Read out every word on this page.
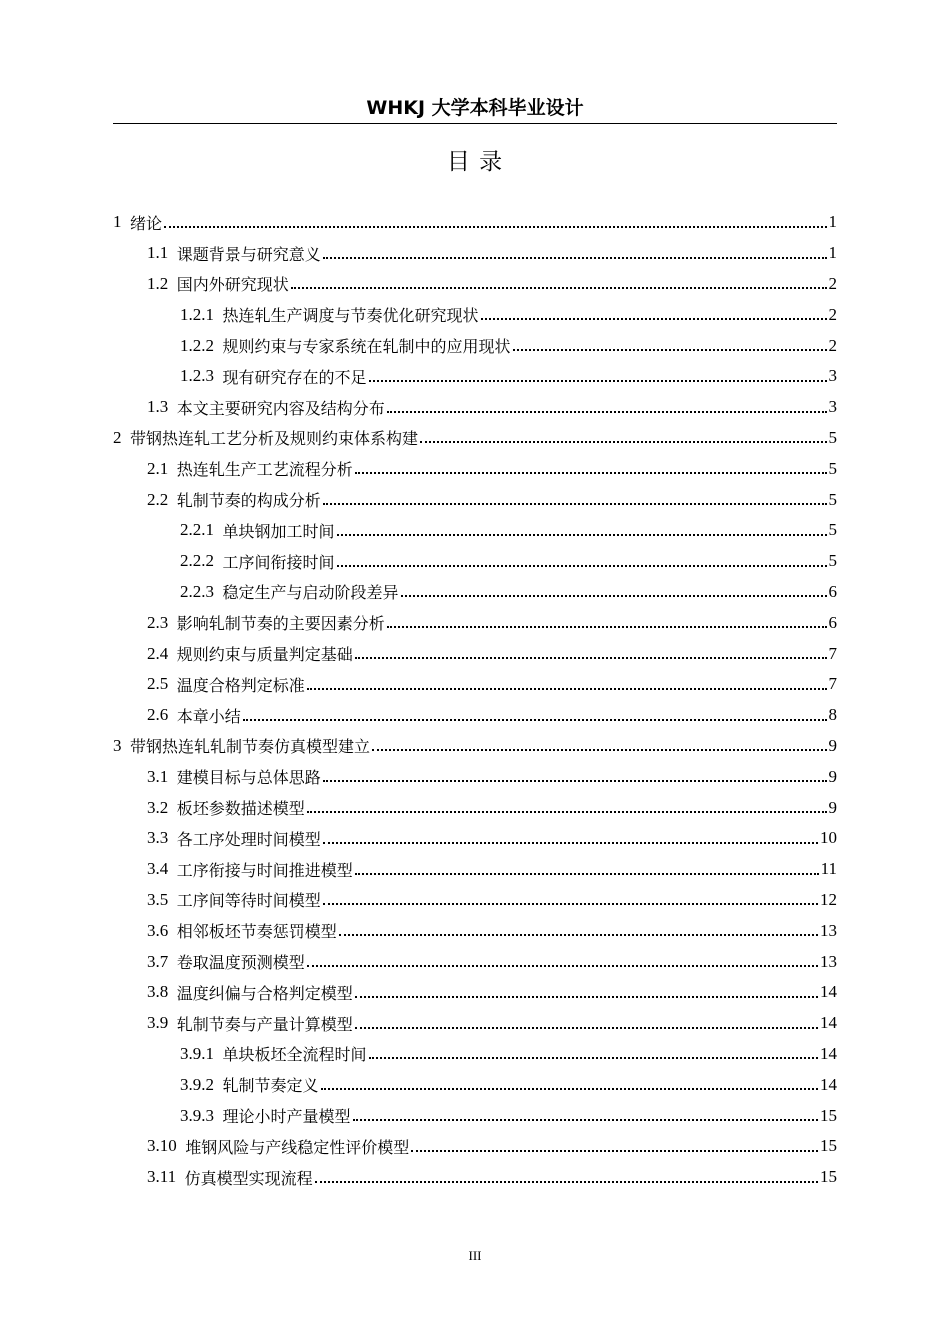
WHKJ 大学本科毕业设计
目 录
1 绪论	1
1.1 课题背景与研究意义	1
1.2 国内外研究现状	2
1.2.1 热连轧生产调度与节奏优化研究现状	2
1.2.2 规则约束与专家系统在轧制中的应用现状	2
1.2.3 现有研究存在的不足	3
1.3 本文主要研究内容及结构分布	3
2 带钢热连轧工艺分析及规则约束体系构建	5
2.1 热连轧生产工艺流程分析	5
2.2 轧制节奏的构成分析	5
2.2.1 单块钢加工时间	5
2.2.2 工序间衔接时间	5
2.2.3 稳定生产与启动阶段差异	6
2.3 影响轧制节奏的主要因素分析	6
2.4 规则约束与质量判定基础	7
2.5 温度合格判定标准	7
2.6 本章小结	8
3 带钢热连轧轧制节奏仿真模型建立	9
3.1 建模目标与总体思路	9
3.2 板坯参数描述模型	9
3.3 各工序处理时间模型	10
3.4 工序衔接与时间推进模型	11
3.5 工序间等待时间模型	12
3.6 相邻板坯节奏惩罚模型	13
3.7 卷取温度预测模型	13
3.8 温度纠偏与合格判定模型	14
3.9 轧制节奏与产量计算模型	14
3.9.1 单块板坯全流程时间	14
3.9.2 轧制节奏定义	14
3.9.3 理论小时产量模型	15
3.10 堆钢风险与产线稳定性评价模型	15
3.11 仿真模型实现流程	15
III
